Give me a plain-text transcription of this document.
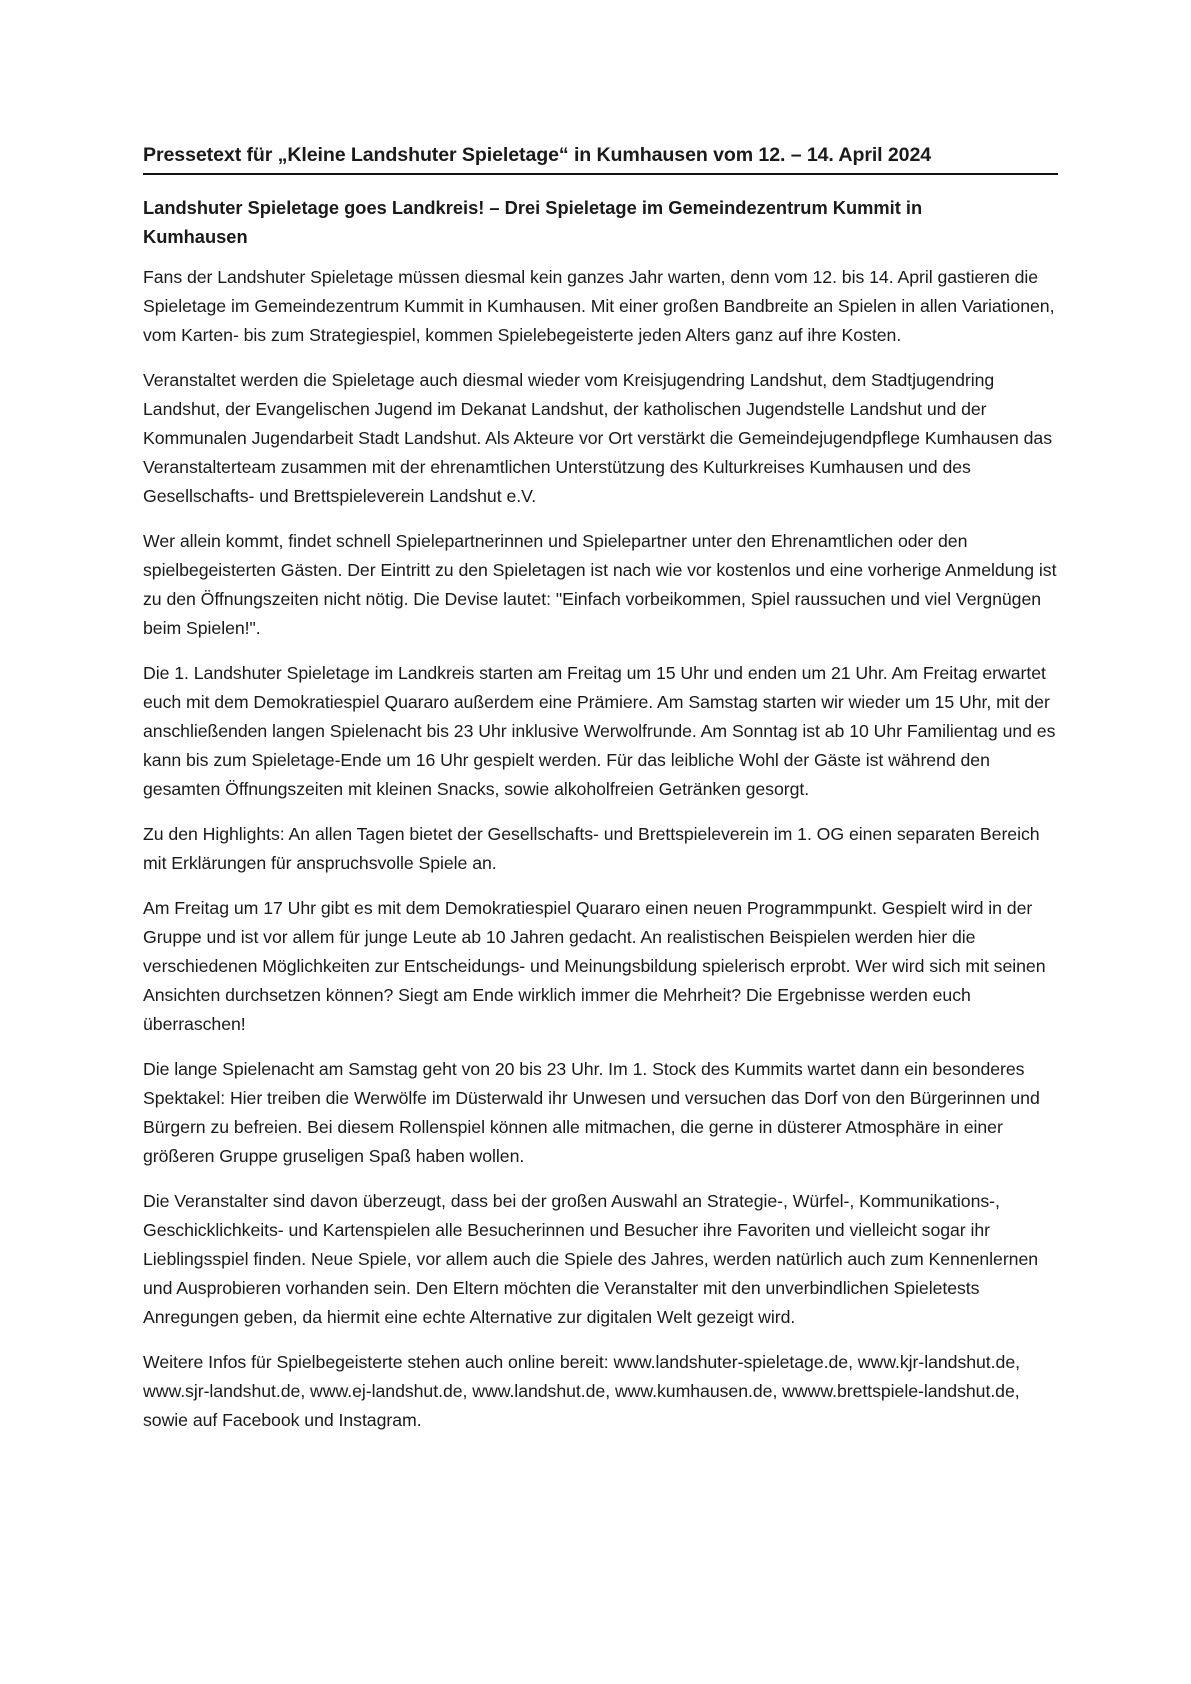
Pressetext für „Kleine Landshuter Spieletage“ in Kumhausen vom 12. – 14. April 2024
Landshuter Spieletage goes Landkreis! – Drei Spieletage im Gemeindezentrum Kummit in Kumhausen

Fans der Landshuter Spieletage müssen diesmal kein ganzes Jahr warten, denn vom 12. bis 14. April gastieren die Spieletage im Gemeindezentrum Kummit in Kumhausen. Mit einer großen Bandbreite an Spielen in allen Variationen, vom Karten- bis zum Strategiespiel, kommen Spielebegeisterte jeden Alters ganz auf ihre Kosten.

Veranstaltet werden die Spieletage auch diesmal wieder vom Kreisjugendring Landshut, dem Stadtjugendring Landshut, der Evangelischen Jugend im Dekanat Landshut, der katholischen Jugendstelle Landshut und der Kommunalen Jugendarbeit Stadt Landshut. Als Akteure vor Ort verstärkt die Gemeindejugendpflege Kumhausen das Veranstalterteam zusammen mit der ehrenamtlichen Unterstützung des Kulturkreises Kumhausen und des Gesellschafts- und Brettspieleverein Landshut e.V.

Wer allein kommt, findet schnell Spielepartnerinnen und Spielepartner unter den Ehrenamtlichen oder den spielbegeisterten Gästen. Der Eintritt zu den Spieletagen ist nach wie vor kostenlos und eine vorherige Anmeldung ist zu den Öffnungszeiten nicht nötig. Die Devise lautet: "Einfach vorbeikommen, Spiel raussuchen und viel Vergnügen beim Spielen!".

Die 1. Landshuter Spieletage im Landkreis starten am Freitag um 15 Uhr und enden um 21 Uhr. Am Freitag erwartet euch mit dem Demokratiespiel Quararo außerdem eine Prämiere. Am Samstag starten wir wieder um 15 Uhr, mit der anschließenden langen Spielenacht bis 23 Uhr inklusive Werwolfrunde. Am Sonntag ist ab 10 Uhr Familientag und es kann bis zum Spieletage-Ende um 16 Uhr gespielt werden. Für das leibliche Wohl der Gäste ist während den gesamten Öffnungszeiten mit kleinen Snacks, sowie alkoholfreien Getränken gesorgt.

Zu den Highlights: An allen Tagen bietet der Gesellschafts- und Brettspieleverein im 1. OG einen separaten Bereich mit Erklärungen für anspruchsvolle Spiele an.

Am Freitag um 17 Uhr gibt es mit dem Demokratiespiel Quararo einen neuen Programmpunkt. Gespielt wird in der Gruppe und ist vor allem für junge Leute ab 10 Jahren gedacht. An realistischen Beispielen werden hier die verschiedenen Möglichkeiten zur Entscheidungs- und Meinungsbildung spielerisch erprobt. Wer wird sich mit seinen Ansichten durchsetzen können? Siegt am Ende wirklich immer die Mehrheit? Die Ergebnisse werden euch überraschen!

Die lange Spielenacht am Samstag geht von 20 bis 23 Uhr. Im 1. Stock des Kummits wartet dann ein besonderes Spektakel: Hier treiben die Werwölfe im Düsterwald ihr Unwesen und versuchen das Dorf von den Bürgerinnen und Bürgern zu befreien. Bei diesem Rollenspiel können alle mitmachen, die gerne in düsterer Atmosphäre in einer größeren Gruppe gruseligen Spaß haben wollen.

Die Veranstalter sind davon überzeugt, dass bei der großen Auswahl an Strategie-, Würfel-, Kommunikations-, Geschicklichkeits- und Kartenspielen alle Besucherinnen und Besucher ihre Favoriten und vielleicht sogar ihr Lieblingsspiel finden. Neue Spiele, vor allem auch die Spiele des Jahres, werden natürlich auch zum Kennenlernen und Ausprobieren vorhanden sein. Den Eltern möchten die Veranstalter mit den unverbindlichen Spieletests Anregungen geben, da hiermit eine echte Alternative zur digitalen Welt gezeigt wird.

Weitere Infos für Spielbegeisterte stehen auch online bereit: www.landshuter-spieletage.de, www.kjr-landshut.de, www.sjr-landshut.de, www.ej-landshut.de, www.landshut.de, www.kumhausen.de, wwww.brettspiele-landshut.de, sowie auf Facebook und Instagram.
